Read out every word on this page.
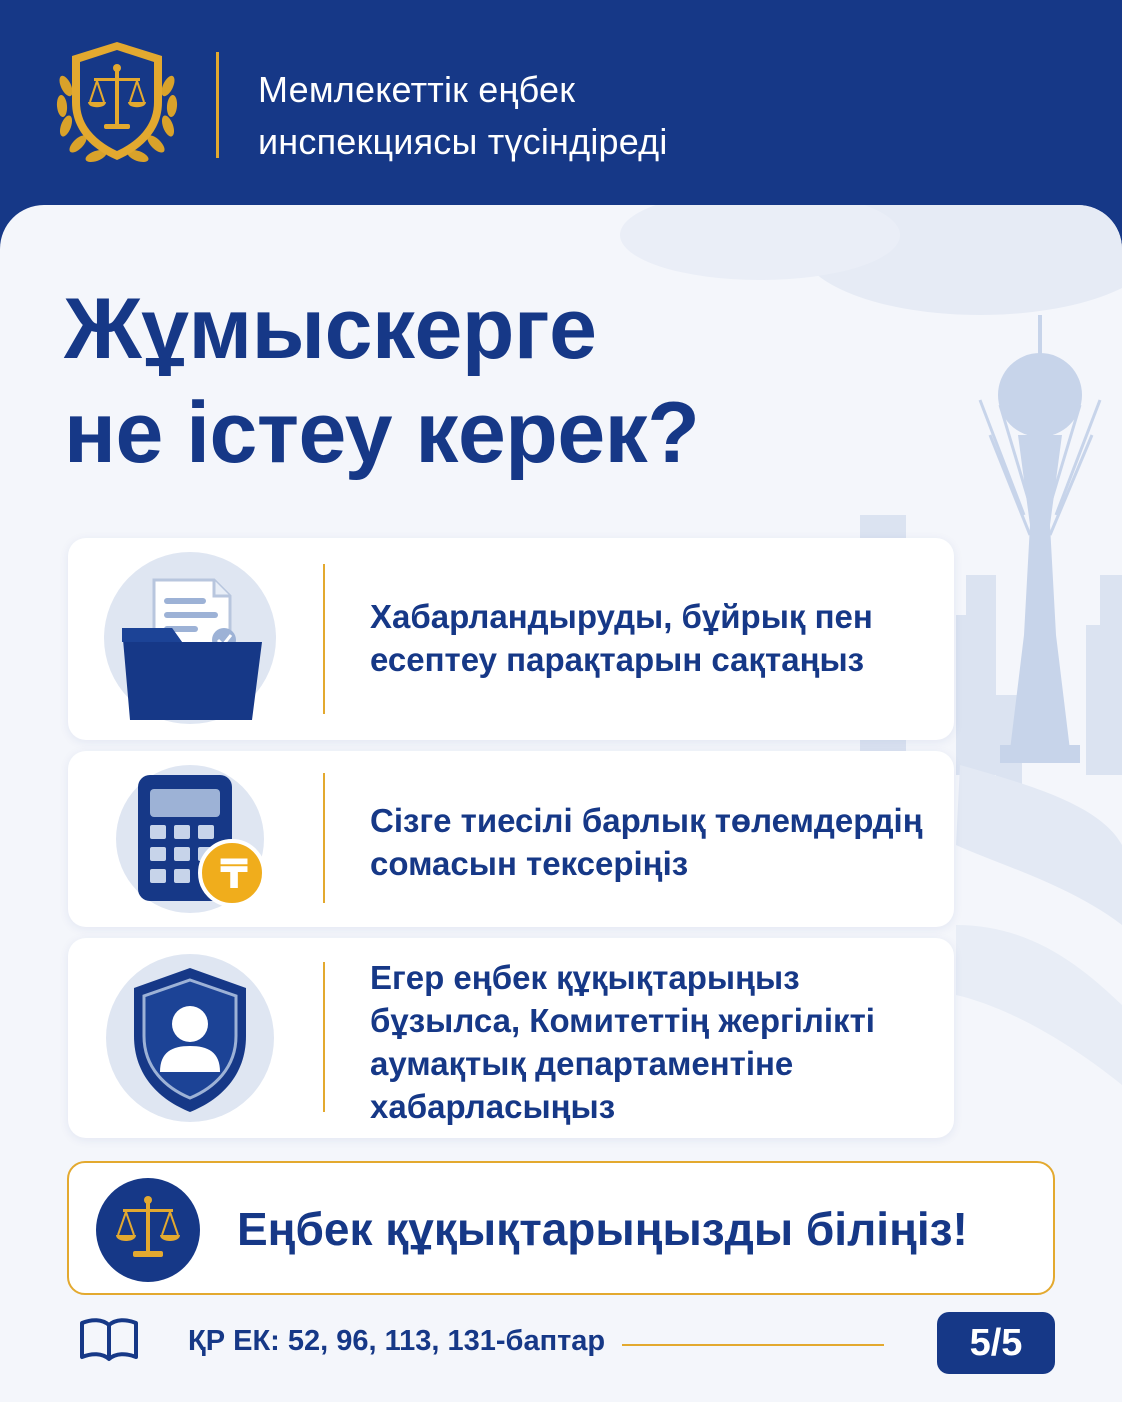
Мемлекеттік еңбек
инспекциясы түсіндіреді
Жұмыскерге
не істеу керек?
Хабарландыруды, бұйрық пен
есептеу парақтарын сақтаңыз
₸
Сізге тиесілі барлық төлемдердің
сомасын тексеріңіз
Егер еңбек құқықтарыңыз
бұзылса, Комитеттің жергілікті
аумақтық департаментіне
хабарласыңыз
Еңбек құқықтарыңызды біліңіз!
ҚР ЕК: 52, 96, 113, 131-баптар	5/5
